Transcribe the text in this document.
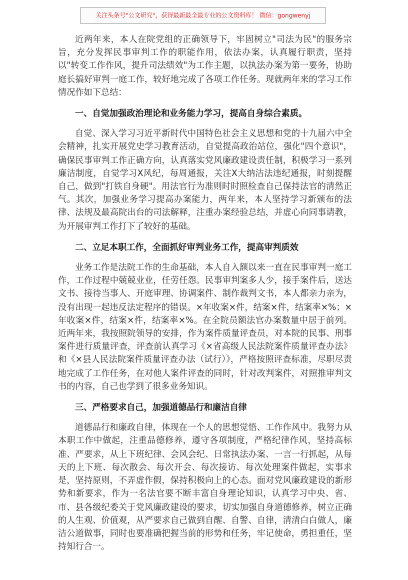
关注头条号"公文研究"，获得最新最全最专业的公文资料库！ 微信：gongwenyj

近两年来，本人在院党组的正确领导下，牢固树立"司法为民"的服务宗旨，充分发挥民事审判工作的职能作用，依法办案，认真履行职责，坚持以"转变工作作风，提升司法绩效"为工作主题，以执法办案为第一要务，协助庭长搞好审判一庭工作，较好地完成了各项工作任务。现就两年来的学习工作情况作如下总结：

一、自觉加强政治理论和业务能力学习，提高自身综合素质。

自觉、深入学习习近平新时代中国特色社会主义思想和党的十九届六中全会精神，扎实开展党史学习教育活动，自觉提高政治站位，强化"四个意识"，确保民事审判工作正确方向，认真落实党风廉政建设责任制，积极学习一系列廉洁制度，自觉学习X风纪，每周通报，关注X大纳洁法违纪通报，时刻提醒自己，做到"打铁自身硬"。用法官行为准则时时照检查自己保持法官的清然正气。其次，加强业务学习提高办案能力，两年来，本人坚持学习新颁布的法律、法规及最高院出台的司法解释，注重办案经验总结，并虚心向同事请教，为开展审判工作打下了较好的基础。

二、立足本职工作，全面抓好审判业务工作，提高审判质效

业务工作是法院工作的生命基础，本人自入额以来一直在民事审判一庭工作，工作过程中兢兢业业，任劳任怨。民事审判案多人少，接手案件后，送达文书、接待当事人、开庭审理、协调案件、制作裁判文书，本人都亲力亲为，没有出现一起违反法定程序的错误。×年收案×件，结案×件，结案率×%；×年收案×件，结案×件，结案率×%。在全院员额法官办案数量中居于前列。近两年来，我按照院领导的安排，作为案件质量评查员，对本院的民事、刑事案件进行质量评查，评查前认真学习《×省高级人民法院案件质量评查办法》和《×县人民法院案件质量评查办法（试行）》，严格按照评查标准，尽职尽责地完成了工作任务，在对他人案件评查的同时，针对改判案件，对照推审判文书的内容，自己也学到了很多业务知识。

三、严格要求自己，加强道德品行和廉洁自律

道德品行和廉政自律，体现在一个人的思想觉悟、工作作风中。我努力从本职工作中做起，注重品德修养，遵守各项制度，严格纪律作风，坚持高标准、严要求，从上下班纪律、会风会纪、日常执法办案、一言一行抓起，从每天的上下班、每次散会、每次开会、每次接访、每次处理案件做起，实事求是，坚持原则，不弄虚作假，保持积极向上的心态。面对党风廉政建设的新形势和新要求，作为一名法官要不断丰富自身理论知识，认真学习中央、省、市、县各级纪委关于党风廉政建设的要求，切实加强自身道德修养，树立正确的人生观、价值观，从严要求自己做到自醒、自警、自律，清清白白做人，廉洁公道做事，同时也要准确把握当前的形势和任务，牢记使命，勇担重任，坚持知行合一。
